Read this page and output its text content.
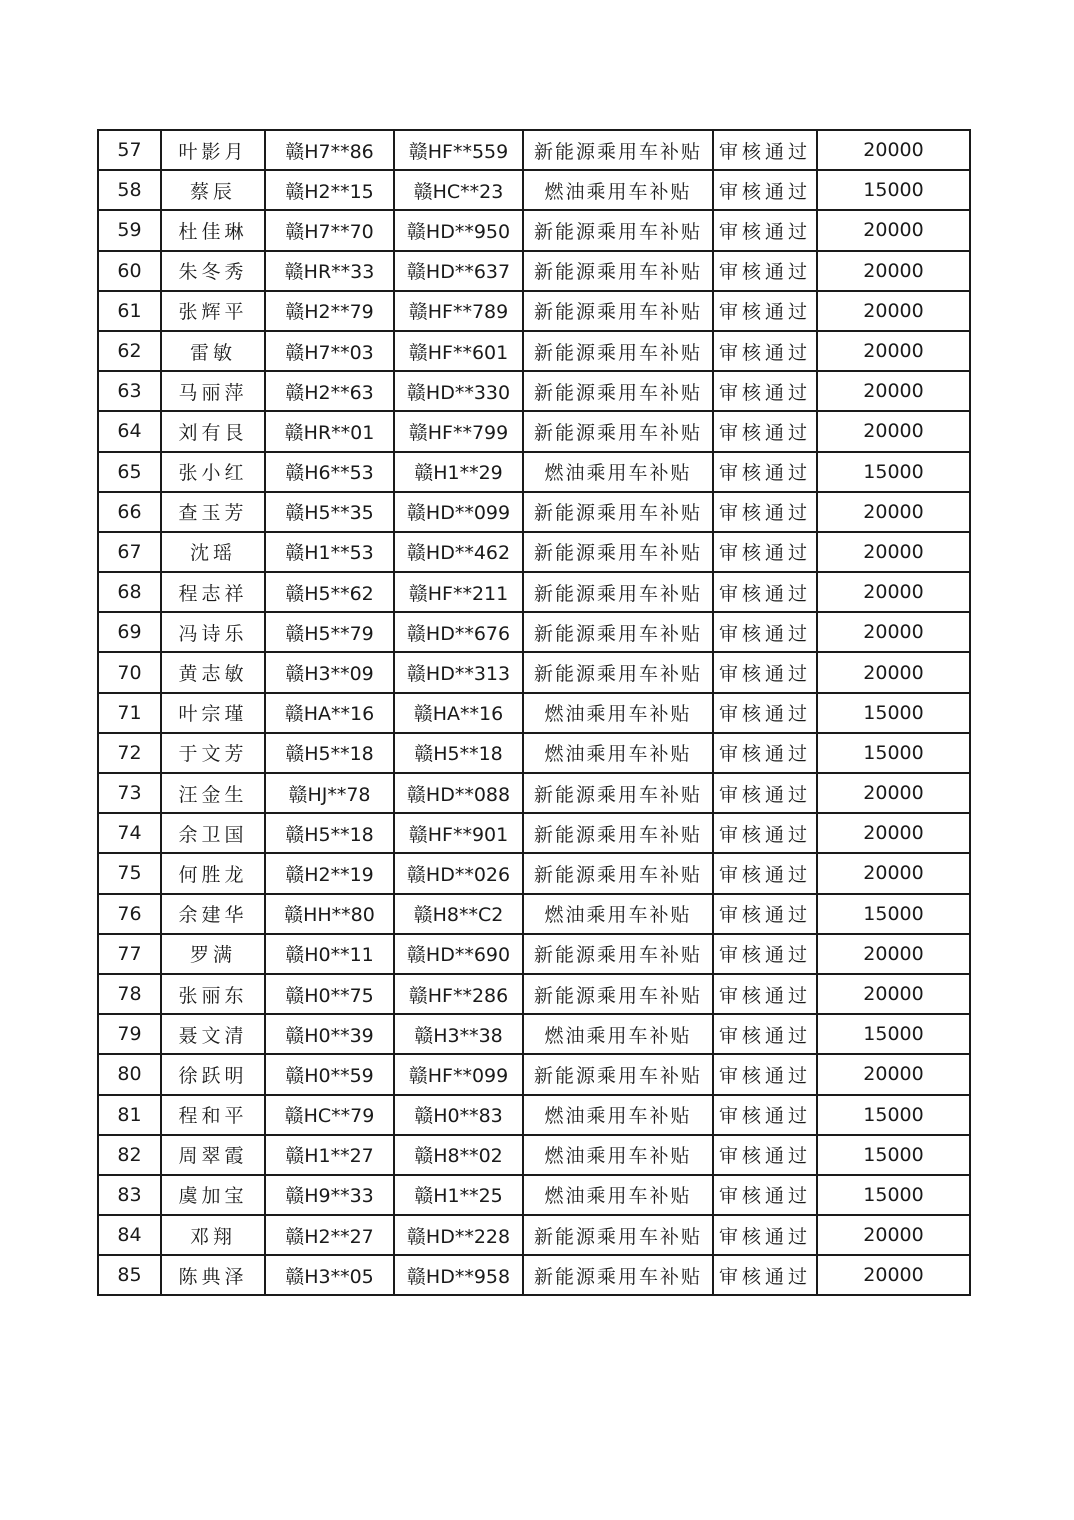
57	叶影月	赣H7**86	赣HF**559	新能源乘用车补贴	审核通过	20000
58	蔡辰	赣H2**15	赣HC**23	燃油乘用车补贴	审核通过	15000
59	杜佳琳	赣H7**70	赣HD**950	新能源乘用车补贴	审核通过	20000
60	朱冬秀	赣HR**33	赣HD**637	新能源乘用车补贴	审核通过	20000
61	张辉平	赣H2**79	赣HF**789	新能源乘用车补贴	审核通过	20000
62	雷敏	赣H7**03	赣HF**601	新能源乘用车补贴	审核通过	20000
63	马丽萍	赣H2**63	赣HD**330	新能源乘用车补贴	审核通过	20000
64	刘有艮	赣HR**01	赣HF**799	新能源乘用车补贴	审核通过	20000
65	张小红	赣H6**53	赣H1**29	燃油乘用车补贴	审核通过	15000
66	查玉芳	赣H5**35	赣HD**099	新能源乘用车补贴	审核通过	20000
67	沈瑶	赣H1**53	赣HD**462	新能源乘用车补贴	审核通过	20000
68	程志祥	赣H5**62	赣HF**211	新能源乘用车补贴	审核通过	20000
69	冯诗乐	赣H5**79	赣HD**676	新能源乘用车补贴	审核通过	20000
70	黄志敏	赣H3**09	赣HD**313	新能源乘用车补贴	审核通过	20000
71	叶宗瑾	赣HA**16	赣HA**16	燃油乘用车补贴	审核通过	15000
72	于文芳	赣H5**18	赣H5**18	燃油乘用车补贴	审核通过	15000
73	汪金生	赣HJ**78	赣HD**088	新能源乘用车补贴	审核通过	20000
74	余卫国	赣H5**18	赣HF**901	新能源乘用车补贴	审核通过	20000
75	何胜龙	赣H2**19	赣HD**026	新能源乘用车补贴	审核通过	20000
76	余建华	赣HH**80	赣H8**C2	燃油乘用车补贴	审核通过	15000
77	罗满	赣H0**11	赣HD**690	新能源乘用车补贴	审核通过	20000
78	张丽东	赣H0**75	赣HF**286	新能源乘用车补贴	审核通过	20000
79	聂文清	赣H0**39	赣H3**38	燃油乘用车补贴	审核通过	15000
80	徐跃明	赣H0**59	赣HF**099	新能源乘用车补贴	审核通过	20000
81	程和平	赣HC**79	赣H0**83	燃油乘用车补贴	审核通过	15000
82	周翠霞	赣H1**27	赣H8**02	燃油乘用车补贴	审核通过	15000
83	虞加宝	赣H9**33	赣H1**25	燃油乘用车补贴	审核通过	15000
84	邓翔	赣H2**27	赣HD**228	新能源乘用车补贴	审核通过	20000
85	陈典泽	赣H3**05	赣HD**958	新能源乘用车补贴	审核通过	20000
